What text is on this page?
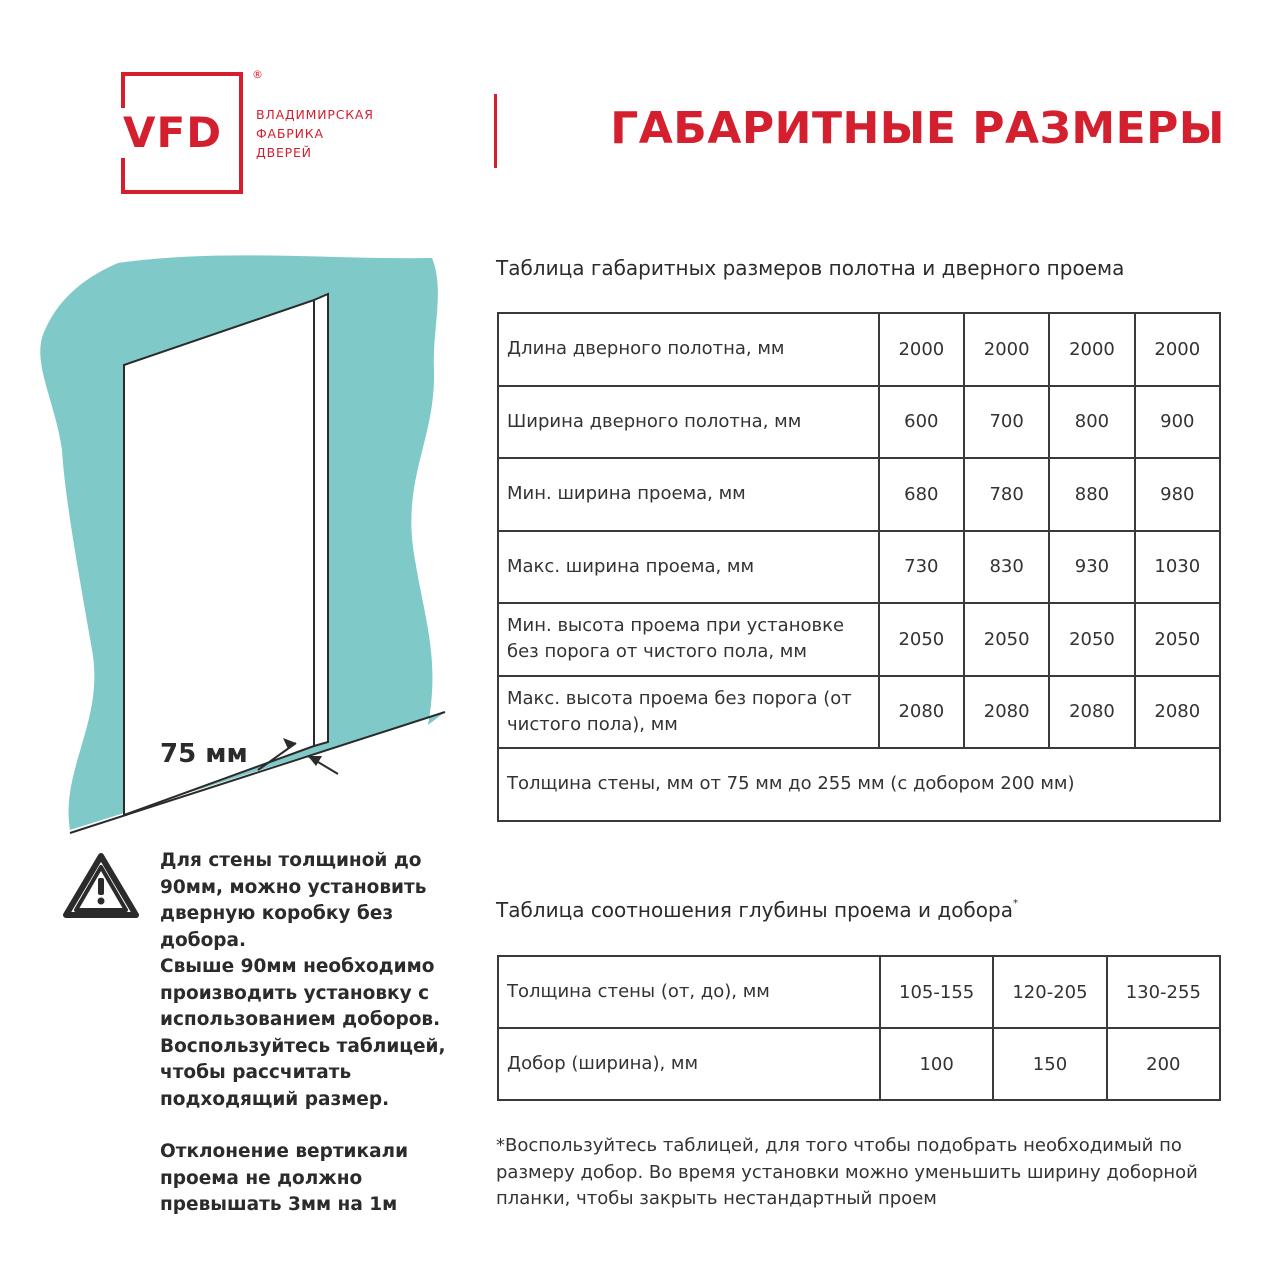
VFD
®
ВЛАДИМИРСКАЯ
ФАБРИКА
ДВЕРЕЙ	ГАБАРИТНЫЕ РАЗМЕРЫ
75 мм

Для стены толщиной до 90мм, можно установить дверную коробку без добора.

Свыше 90мм необходимо производить установку с использованием доборов. Воспользуйтесь таблицей, чтобы рассчитать подходящий размер.

Отклонение вертикали проема не должно превышать 3мм на 1м

Таблица габаритных размеров полотна и дверного проема
Длина дверного полотна, мм	2000	2000	2000	2000
Ширина дверного полотна, мм	600	700	800	900
Мин. ширина проема, мм	680	780	880	980
Макс. ширина проема, мм	730	830	930	1030
Мин. высота проема при установке без порога от чистого пола, мм	2050	2050	2050	2050
Макс. высота проема без порога (от чистого пола), мм	2080	2080	2080	2080
Толщина стены, мм от 75 мм до 255 мм (с добором 200 мм)				
Таблица соотношения глубины проема и добора*
Толщина стены (от, до), мм	105-155	120-205	130-255
Добор (ширина), мм	100	150	200
*Воспользуйтесь таблицей, для того чтобы подобрать необходимый по размеру добор. Во время установки можно уменьшить ширину доборной планки, чтобы закрыть нестандартный проем
